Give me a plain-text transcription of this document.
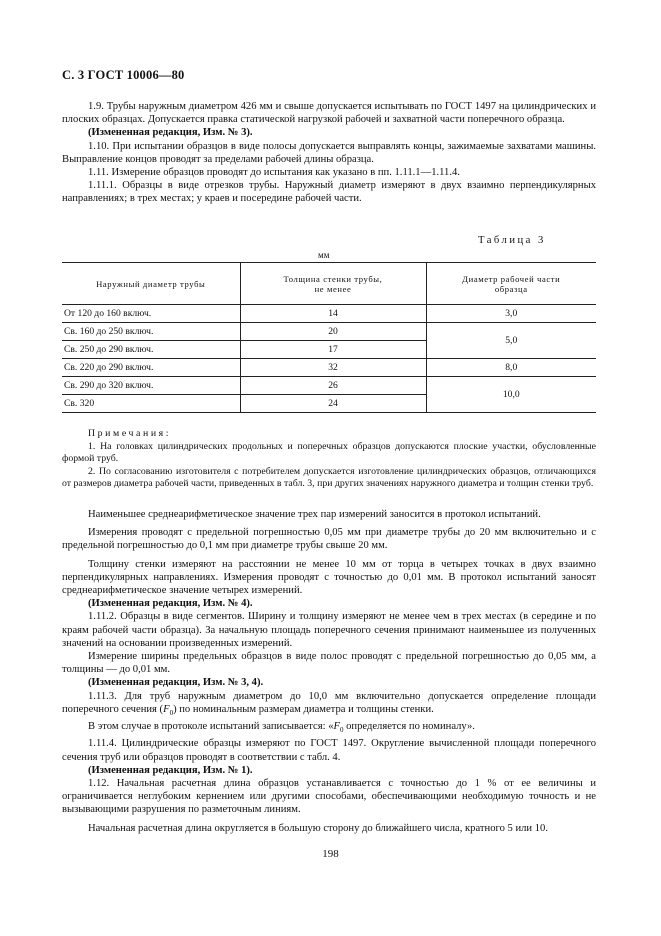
С. 3 ГОСТ 10006—80

1.9. Трубы наружным диаметром 426 мм и свыше допускается испытывать по ГОСТ 1497 на цилиндрических и плоских образцах. Допускается правка статической нагрузкой рабочей и захватной части поперечного образца.

(Измененная редакция, Изм. № 3).

1.10. При испытании образцов в виде полосы допускается выправлять концы, зажимаемые захватами машины. Выправление концов проводят за пределами рабочей длины образца.

1.11. Измерение образцов проводят до испытания как указано в пп. 1.11.1—1.11.4.

1.11.1. Образцы в виде отрезков трубы. Наружный диаметр измеряют в двух взаимно перпендикулярных направлениях; в трех местах; у краев и посередине рабочей части.

Таблица 3
мм
Наружный диаметр трубы	Толщина стенки трубы, не менее	Диаметр рабочей части образца
От 120 до 160 включ.	14	3,0
Св. 160 до 250 включ.	20	5,0
Св. 250 до 290 включ.	17	
Св. 220 до 290 включ.	32	8,0
Св. 290 до 320 включ.	26	10,0
Св. 320	24	

Примечания:

1. На головках цилиндрических продольных и поперечных образцов допускаются плоские участки, обусловленные формой труб.

2. По согласованию изготовителя с потребителем допускается изготовление цилиндрических образцов, отличающихся от размеров диаметра рабочей части, приведенных в табл. 3, при других значениях наружного диаметра и толщин стенки труб.

Наименьшее среднеарифметическое значение трех пар измерений заносится в протокол испытаний.

Измерения проводят с предельной погрешностью 0,05 мм при диаметре трубы до 20 мм включительно и с предельной погрешностью до 0,1 мм при диаметре трубы свыше 20 мм.

Толщину стенки измеряют на расстоянии не менее 10 мм от торца в четырех точках в двух взаимно перпендикулярных направлениях. Измерения проводят с точностью до 0,01 мм. В протокол испытаний заносят среднеарифметическое значение четырех измерений.

(Измененная редакция, Изм. № 4).

1.11.2. Образцы в виде сегментов. Ширину и толщину измеряют не менее чем в трех местах (в середине и по краям рабочей части образца). За начальную площадь поперечного сечения принимают наименьшее из полученных значений на основании произведенных измерений.

Измерение ширины предельных образцов в виде полос проводят с предельной погрешностью до 0,05 мм, а толщины — до 0,01 мм.

(Измененная редакция, Изм. № 3, 4).

1.11.3. Для труб наружным диаметром до 10,0 мм включительно допускается определение площади поперечного сечения $(F_0)$ по номинальным размерам диаметра и толщины стенки.

В этом случае в протоколе испытаний записывается: «$F_0$ определяется по номиналу».

1.11.4. Цилиндрические образцы измеряют по ГОСТ 1497. Округление вычисленной площади поперечного сечения труб или образцов проводят в соответствии с табл. 4.

(Измененная редакция, Изм. № 1).

1.12. Начальная расчетная длина образцов устанавливается с точностью до 1 % от ее величины и ограничивается неглубоким кернением или другими способами, обеспечивающими необходимую точность и не вызывающими разрушения по разметочным линиям.

Начальная расчетная длина округляется в большую сторону до ближайшего числа, кратного 5 или 10.

198
